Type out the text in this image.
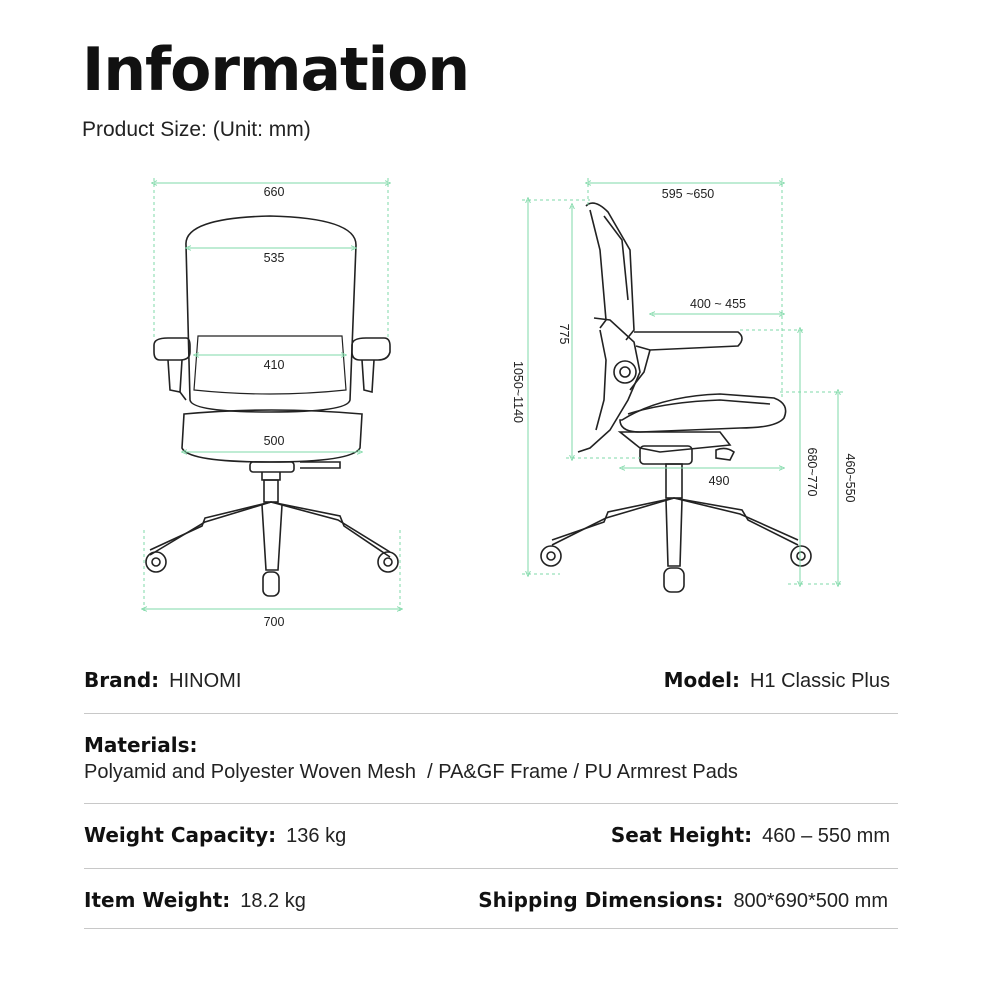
Information
Product Size: (Unit: mm)
660
535
410
500
700
595 ~650
400 ~ 455
775
1050~1140
490	680~770 460~550
Brand: HINOMI	Model: H1 Classic Plus
Materials:
Polyamid and Polyester Woven Mesh  / PA&GF Frame / PU Armrest Pads
Weight Capacity: 136 kg	Seat Height: 460 – 550 mm
Item Weight: 18.2 kg	Shipping Dimensions: 800*690*500 mm
